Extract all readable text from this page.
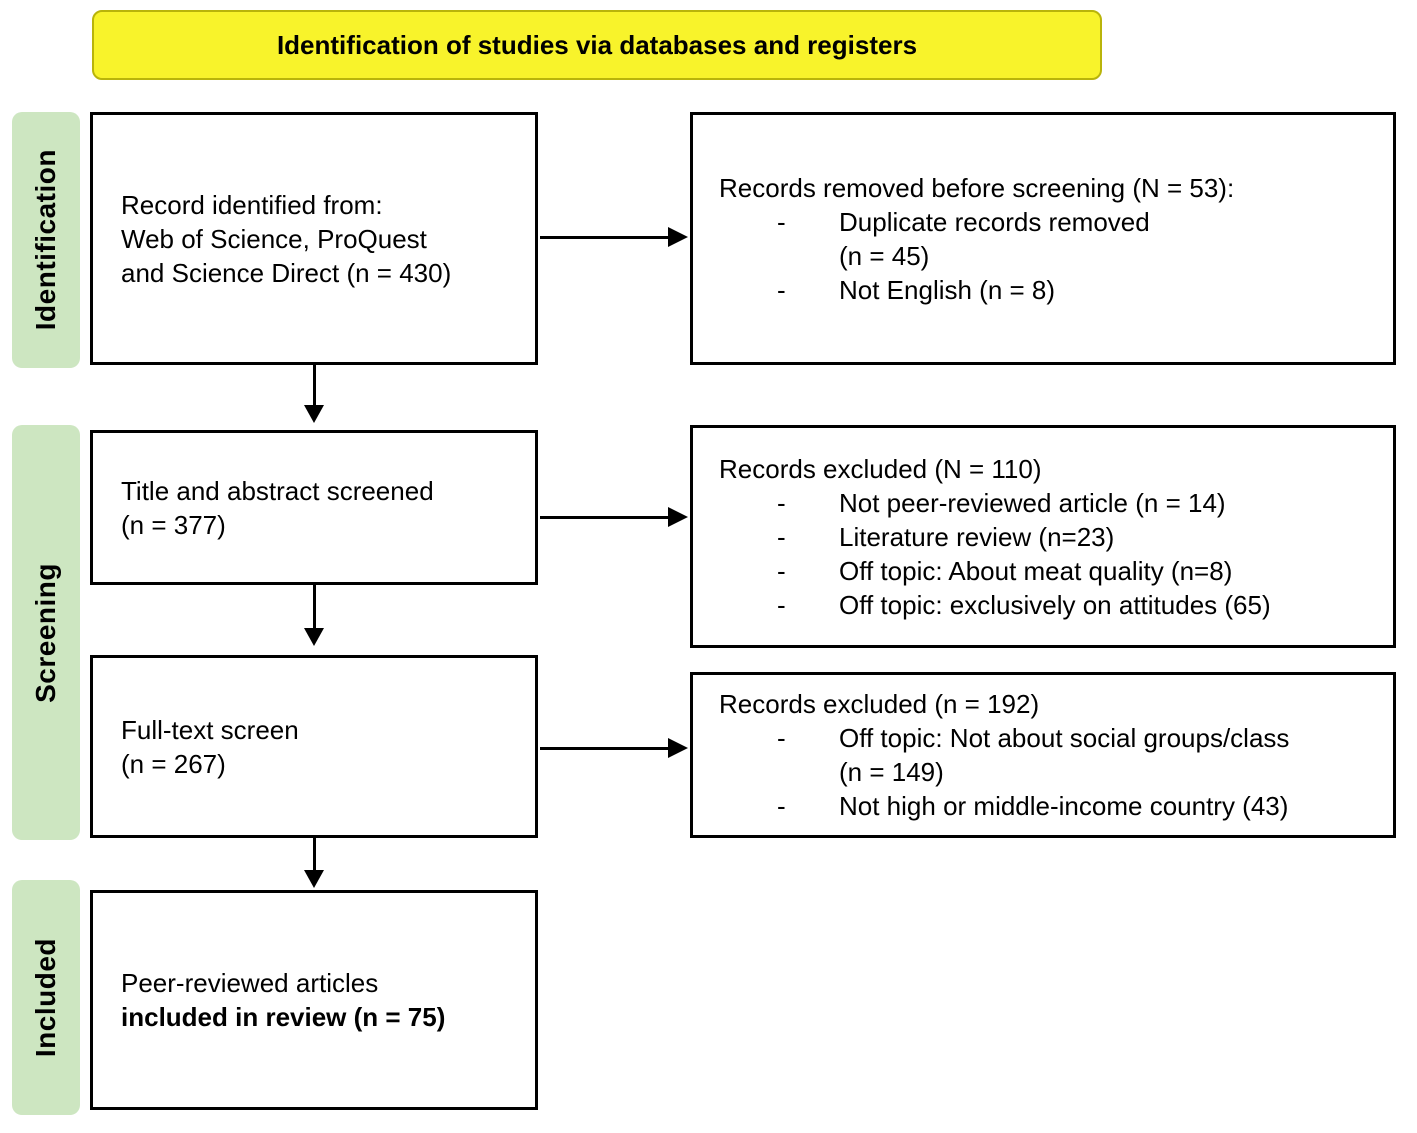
Identification of studies via databases and registers
Identification
Screening
Included
Record identified from:
Web of Science, ProQuest
and Science Direct (n = 430)
Title and abstract screened
(n = 377)
Full-text screen
(n = 267)
Peer-reviewed articles
included in review (n = 75)
Records removed before screening (N = 53):
-	Duplicate records removed
(n = 45)
-	Not English (n = 8)
Records excluded (N = 110)
-	Not peer-reviewed article (n = 14)
-	Literature review (n=23)
-	Off topic: About meat quality (n=8)
-	Off topic: exclusively on attitudes (65)
Records excluded (n = 192)
-	Off topic: Not about social groups/class
(n = 149)
-	Not high or middle-income country (43)
